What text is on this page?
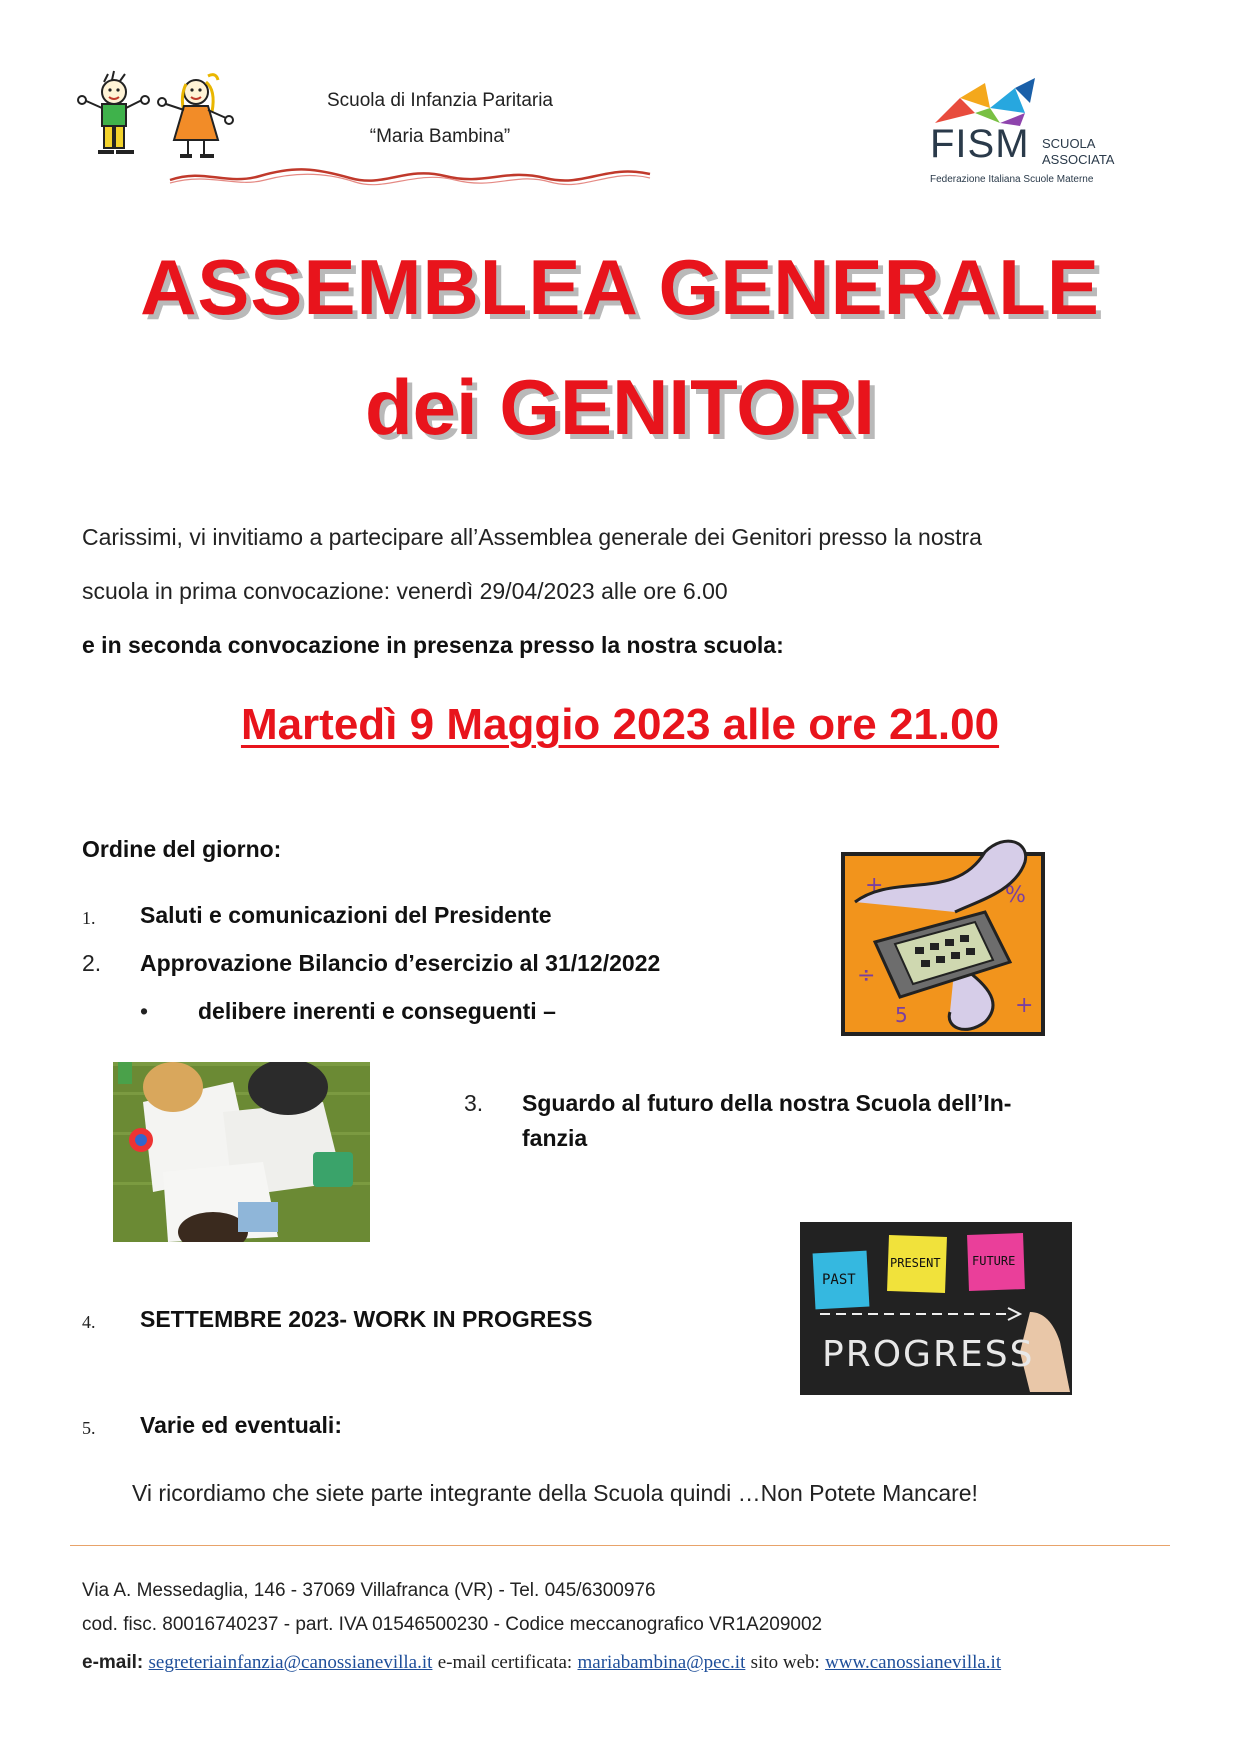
Scuola di Infanzia Paritaria
“Maria Bambina”	FISM SCUOLA
ASSOCIATA
Federazione Italiana Scuole Materne
ASSEMBLEA GENERALE
dei GENITORI
Carissimi, vi invitiamo a partecipare all’Assemblea generale dei Genitori presso la nostra
scuola in prima convocazione: venerdì 29/04/2023 alle ore 6.00
e in seconda convocazione in presenza presso la nostra scuola:
Martedì 9 Maggio 2023 alle ore 21.00
Ordine del giorno:
1. Saluti e comunicazioni del Presidente
2. Approvazione Bilancio d’esercizio al 31/12/2022
• delibere inerenti e conseguenti –
3. Sguardo al futuro della nostra Scuola dell’In-
fanzia
4. SETTEMBRE 2023- WORK IN PROGRESS
5. Varie ed eventuali:
+	%
÷
+
5
PAST
PRESENT	FUTURE
PROGRESS
Vi ricordiamo che siete parte integrante della Scuola quindi …Non Potete Mancare!
Via A. Messedaglia, 146 - 37069 Villafranca (VR) - Tel. 045/6300976
cod. fisc. 80016740237 - part. IVA 01546500230 - Codice meccanografico VR1A209002
e-mail: segreteriainfanzia@canossianevilla.it e-mail certificata: mariabambina@pec.it sito web: www.canossianevilla.it
